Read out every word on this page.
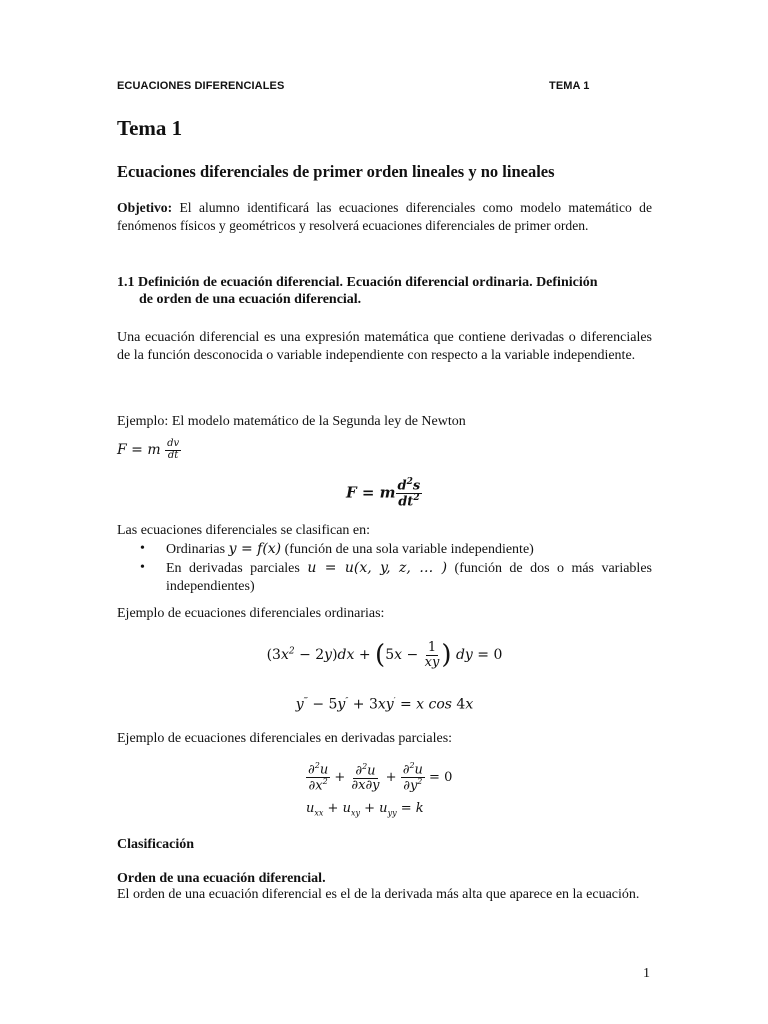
ECUACIONES DIFERENCIALES	TEMA 1
Tema 1
Ecuaciones diferenciales de primer orden lineales y no lineales
Objetivo: El alumno identificará las ecuaciones diferenciales como modelo matemático de fenómenos físicos y geométricos y resolverá ecuaciones diferenciales de primer orden.
1.1 Definición de ecuación diferencial. Ecuación diferencial ordinaria. Definición
de orden de una ecuación diferencial.
Una ecuación diferencial es una expresión matemática que contiene derivadas o diferenciales de la función desconocida o variable independiente con respecto a la variable independiente.
Ejemplo: El modelo matemático de la Segunda ley de Newton
F = m $\frac{dv}{dt}$
F = m $\frac{d^2s}{dt^2}$
Las ecuaciones diferenciales se clasifican en:
•	Ordinarias y = f(x) (función de una sola variable independiente)
•	En derivadas parciales u = u(x, y, z, … ) (función de dos o más variables independientes)
Ejemplo de ecuaciones diferenciales ordinarias:
$(3x^2 - 2y)dx + (5x - \frac{1}{xy}$ ) dy = 0
y‴ − 5y″ + 3xy′ = x cos 4x
Ejemplo de ecuaciones diferenciales en derivadas parciales:
$\frac{\partial^2u}{\partial x^2} + \frac{\partial^2u}{\partial x\partial y} + \frac{\partial^2u}{\partial y^2} = 0$
$u_{xx} + u_{xy} + u_{yy} = k$
Clasificación
Orden de una ecuación diferencial.
El orden de una ecuación diferencial es el de la derivada más alta que aparece en la ecuación.
1
